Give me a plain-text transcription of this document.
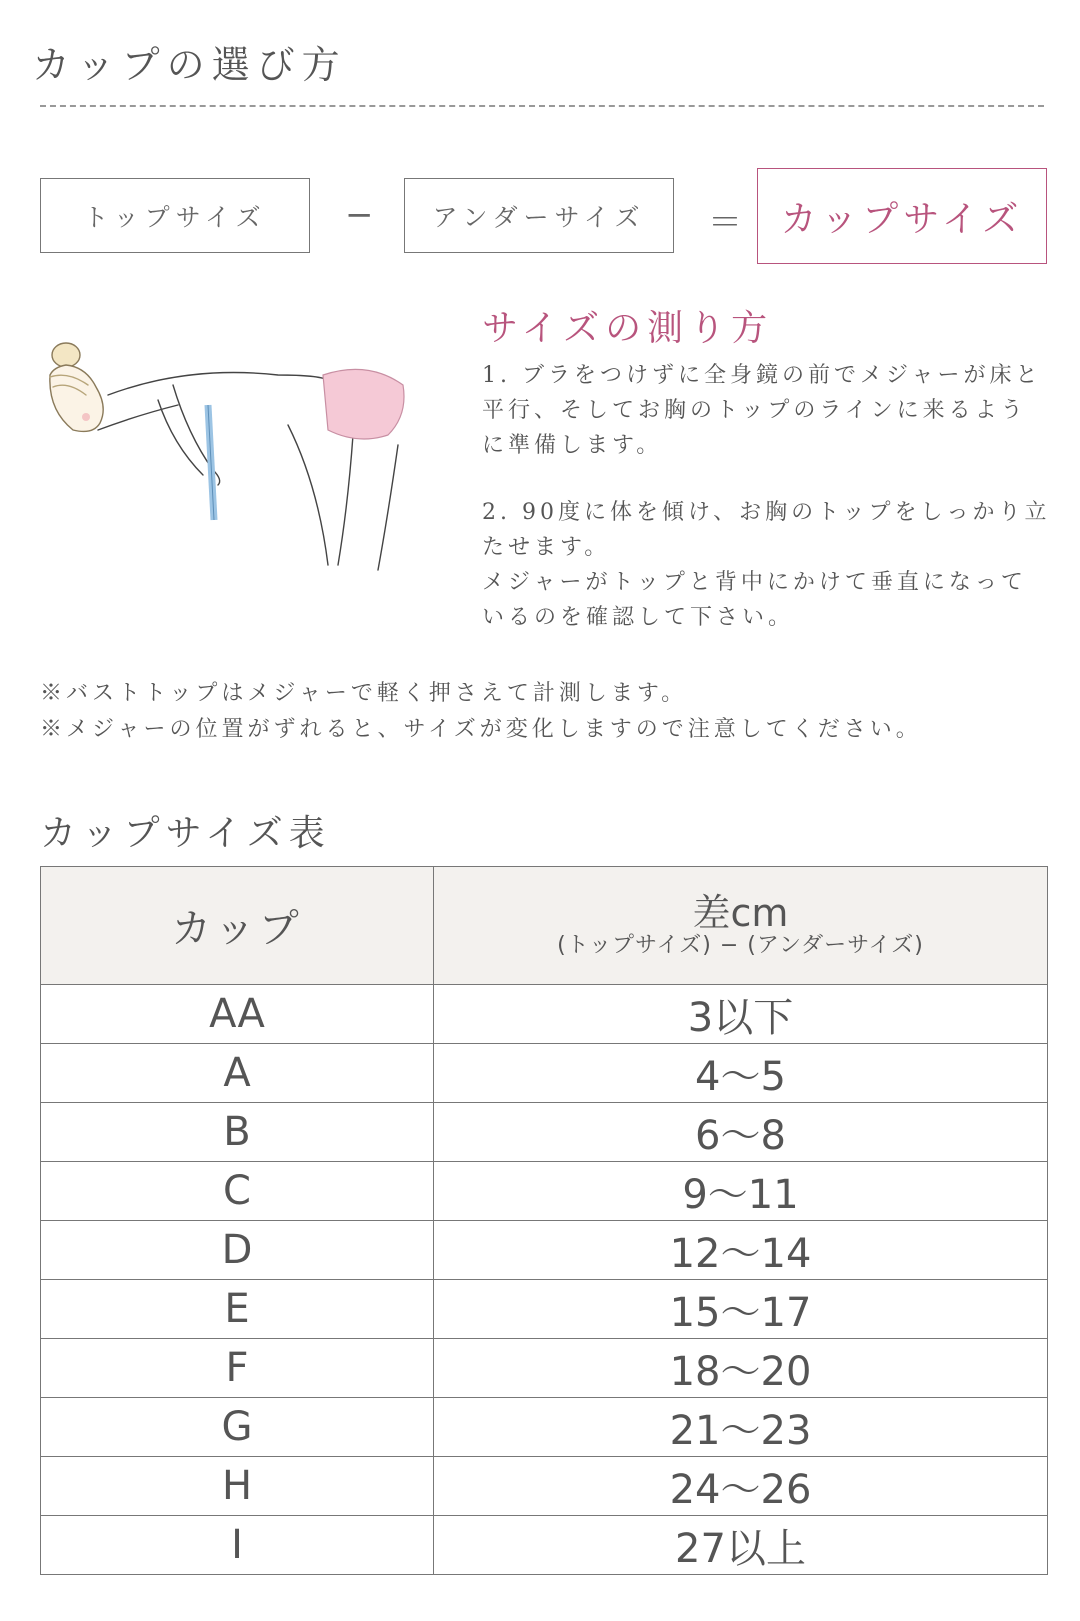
カップの選び方
トップサイズ	−	アンダーサイズ	＝	カップサイズ
サイズの測り方
1. ブラをつけずに全身鏡の前でメジャーが床と平行、そしてお胸のトップのラインに来るように準備します。
2. 90度に体を傾け、お胸のトップをしっかり立たせます。
メジャーがトップと背中にかけて垂直になっているのを確認して下さい。
※バストトップはメジャーで軽く押さえて計測します。
※メジャーの位置がずれると、サイズが変化しますので注意してください。
カップサイズ表
カップ	差cm
(トップサイズ) − (アンダーサイズ)

AA	3以下
A	4〜5
B	6〜8
C	9〜11
D	12〜14
E	15〜17
F	18〜20
G	21〜23
H	24〜26
I	27以上
